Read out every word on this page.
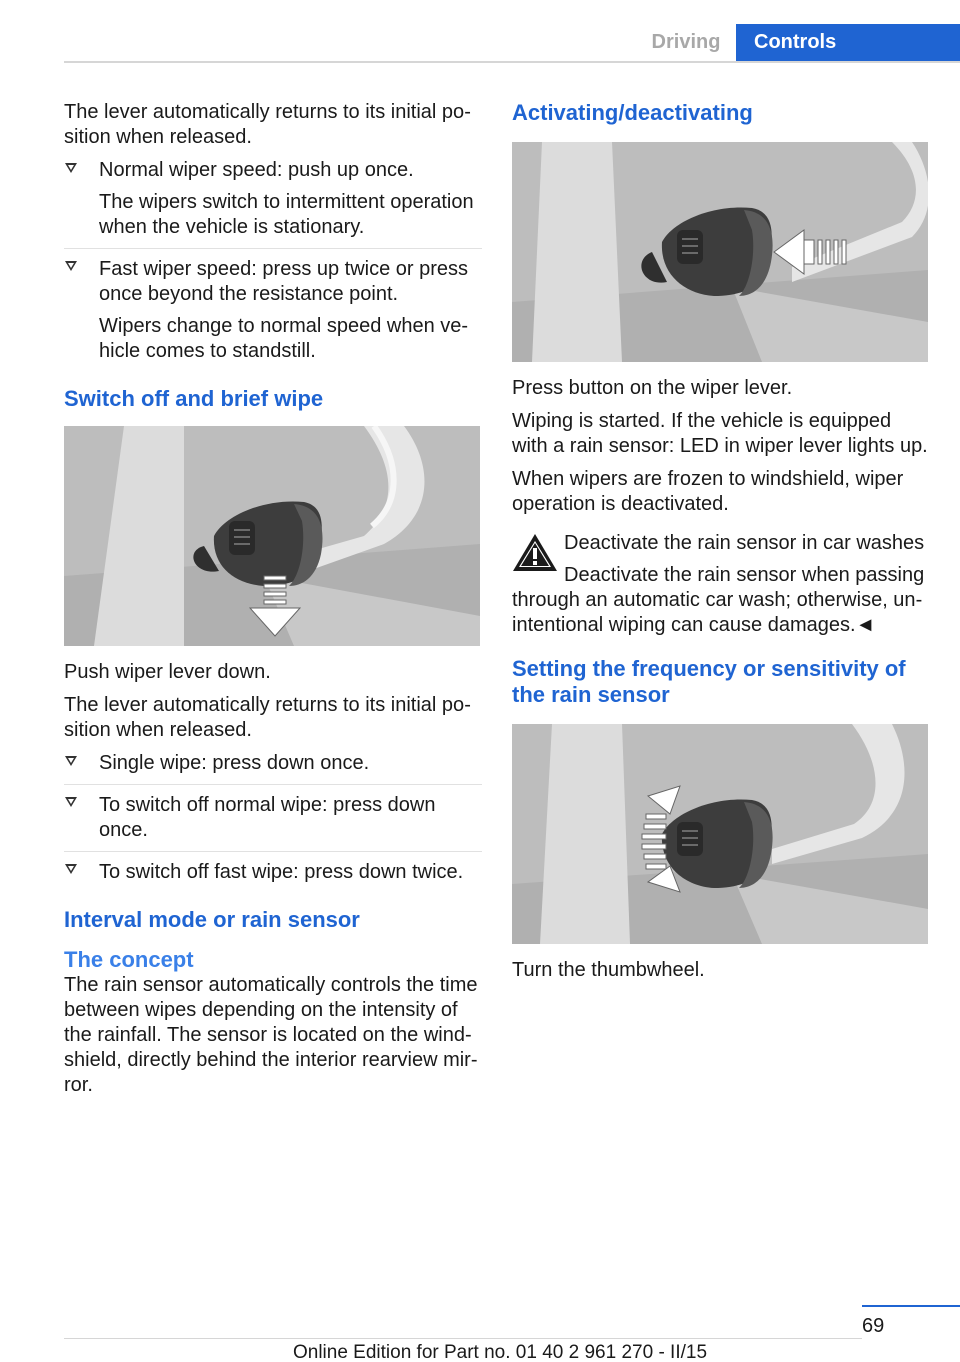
Driving	Controls

The lever automatically returns to its initial position when released.

Normal wiper speed: push up once.
The wipers switch to intermittent operation when the vehicle is stationary.
Fast wiper speed: press up twice or press once beyond the resistance point.
Wipers change to normal speed when vehicle comes to standstill.
Switch off and brief wipe

Push wiper lever down.

The lever automatically returns to its initial position when released.

Single wipe: press down once.
To switch off normal wipe: press down once.
To switch off fast wipe: press down twice.
Interval mode or rain sensor
The concept

The rain sensor automatically controls the time between wipes depending on the intensity of the rainfall. The sensor is located on the windshield, directly behind the interior rearview mirror.

Activating/deactivating

Press button on the wiper lever.

Wiping is started. If the vehicle is equipped with a rain sensor: LED in wiper lever lights up.

When wipers are frozen to windshield, wiper operation is deactivated.

Deactivate the rain sensor in car washes
Deactivate the rain sensor when passing through an automatic car wash; otherwise, unintentional wiping can cause damages.◄
Setting the frequency or sensitivity of the rain sensor

Turn the thumbwheel.

69
Online Edition for Part no. 01 40 2 961 270 - II/15
